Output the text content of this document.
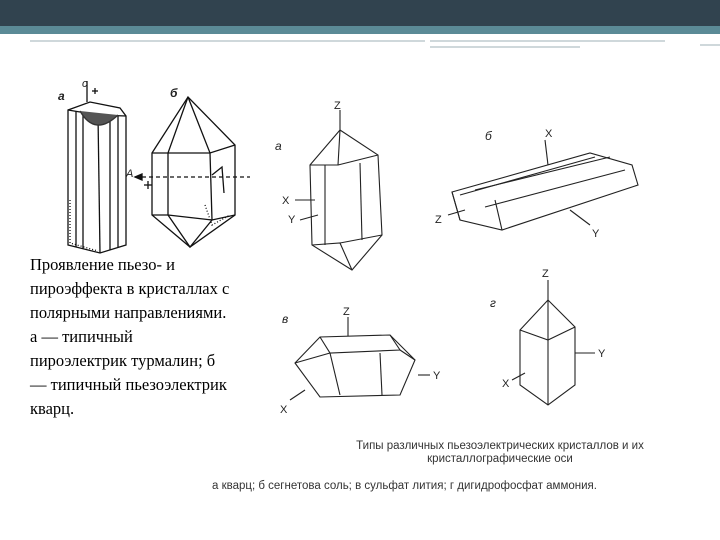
a
c
б
A
a
Z
X
Y
б	X
Z
Y
в	Z
X
Y
г
Z
X
Y
Проявление пьезо- и пироэффекта в кристаллах с полярными направлениями. а — типичный пироэлектрик турмалин; б— типичный пьезоэлектрик кварц.
Типы различных пьезоэлектрических кристаллов и их
кристаллографические оси
а кварц; б сегнетова соль; в сульфат лития; г дигидрофосфат аммония.
